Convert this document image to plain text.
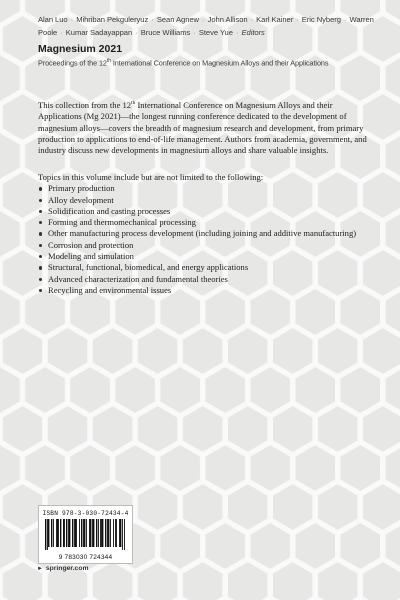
Alan Luo · Mihriban Pekguleryuz · Sean Agnew · John Allison · Karl Kainer · Eric Nyberg · Warren Poole · Kumar Sadayappan · Bruce Williams · Steve Yue · Editors
Magnesium 2021
Proceedings of the 12th International Conference on Magnesium Alloys and their Applications

This collection from the 12th International Conference on Magnesium Alloys and their Applications (Mg 2021)—the longest running conference dedicated to the development of magnesium alloys—covers the breadth of magnesium research and development, from primary production to applications to end-of-life management. Authors from academia, government, and industry discuss new developments in magnesium alloys and share valuable insights.

Topics in this volume include but are not limited to the following:

Primary production
Alloy development
Solidification and casting processes
Forming and thermomechanical processing
Other manufacturing process development (including joining and additive manufacturing)
Corrosion and protection
Modeling and simulation
Structural, functional, biomedical, and energy applications
Advanced characterization and fundamental theories
Recycling and environmental issues
ISBN 978-3-030-72434-4
9 783030 724344
► springer.com
